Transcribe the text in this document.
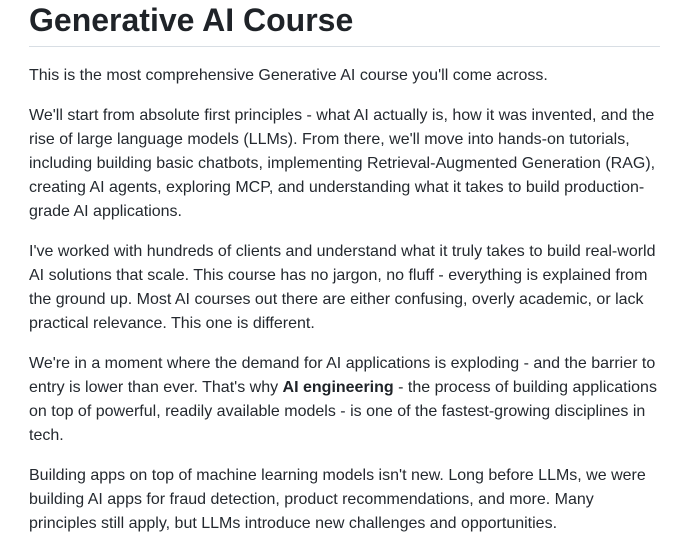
Generative AI Course

This is the most comprehensive Generative AI course you'll come across.

We'll start from absolute first principles - what AI actually is, how it was invented, and the rise of large language models (LLMs). From there, we'll move into hands-on tutorials, including building basic chatbots, implementing Retrieval-Augmented Generation (RAG), creating AI agents, exploring MCP, and understanding what it takes to build production-grade AI applications.

I've worked with hundreds of clients and understand what it truly takes to build real-world AI solutions that scale. This course has no jargon, no fluff - everything is explained from the ground up. Most AI courses out there are either confusing, overly academic, or lack practical relevance. This one is different.

We're in a moment where the demand for AI applications is exploding - and the barrier to entry is lower than ever. That's why AI engineering - the process of building applications on top of powerful, readily available models - is one of the fastest-growing disciplines in tech.

Building apps on top of machine learning models isn't new. Long before LLMs, we were building AI apps for fraud detection, product recommendations, and more. Many principles still apply, but LLMs introduce new challenges and opportunities.
